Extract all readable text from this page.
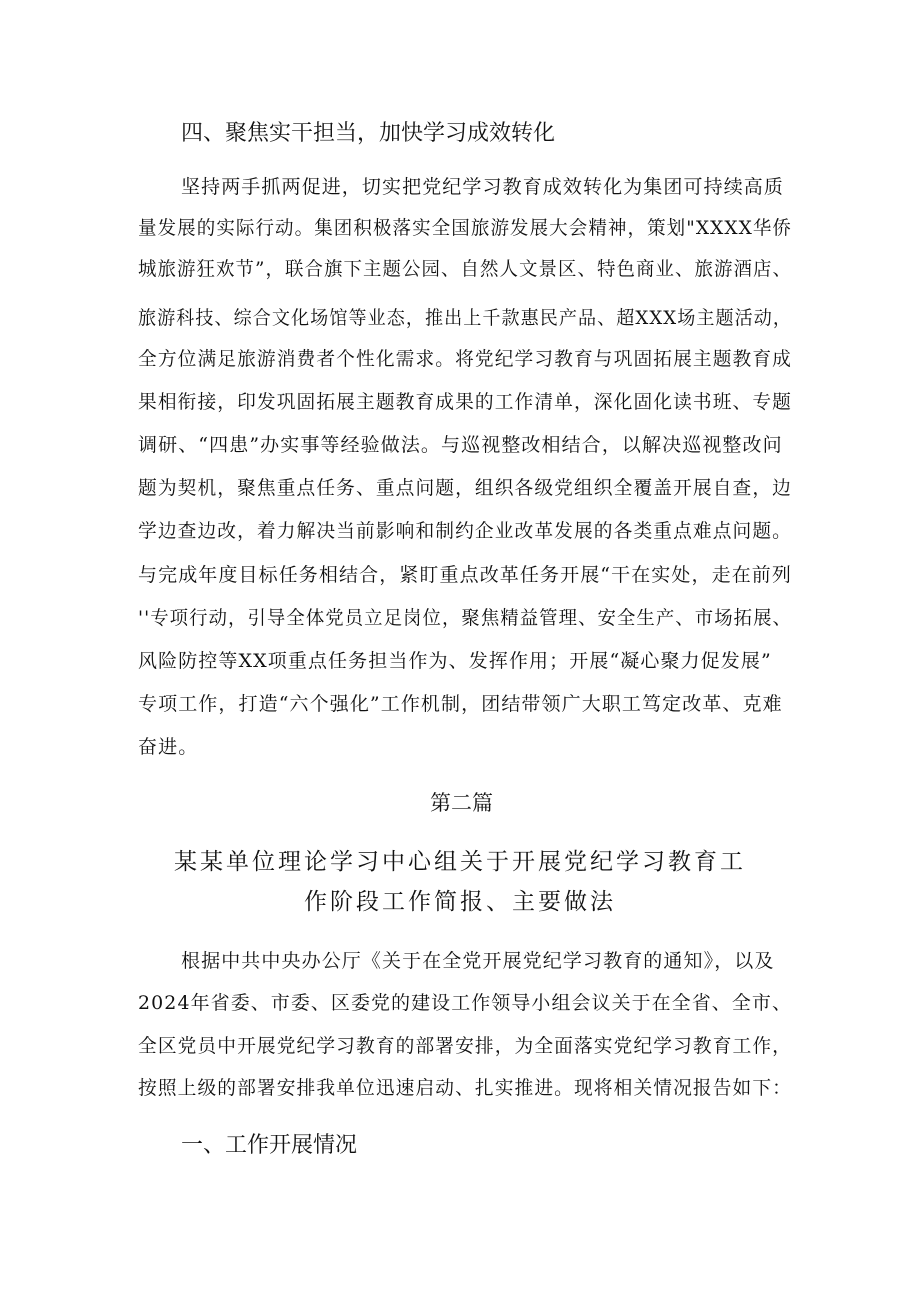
四、聚焦实干担当，加快学习成效转化
坚持两手抓两促进，切实把党纪学习教育成效转化为集团可持续高质
量发展的实际行动。集团积极落实全国旅游发展大会精神，策划"XXXX华侨
城旅游狂欢节”，联合旗下主题公园、自然人文景区、特色商业、旅游酒店、
旅游科技、综合文化场馆等业态，推出上千款惠民产品、超XXX场主题活动，
全方位满足旅游消费者个性化需求。将党纪学习教育与巩固拓展主题教育成
果相衔接，印发巩固拓展主题教育成果的工作清单，深化固化读书班、专题
调研、“四患”办实事等经验做法。与巡视整改相结合，以解决巡视整改问
题为契机，聚焦重点任务、重点问题，组织各级党组织全覆盖开展自查，边
学边查边改，着力解决当前影响和制约企业改革发展的各类重点难点问题。
与完成年度目标任务相结合，紧盯重点改革任务开展“干在实处，走在前列
''专项行动，引导全体党员立足岗位，聚焦精益管理、安全生产、市场拓展、
风险防控等XX项重点任务担当作为、发挥作用；开展“凝心聚力促发展”
专项工作，打造“六个强化”工作机制，团结带领广大职工笃定改革、克难
奋进。
第二篇
某某单位理论学习中心组关于开展党纪学习教育工
作阶段工作简报、主要做法
根据中共中央办公厅《关于在全党开展党纪学习教育的通知》，以及
2024年省委、市委、区委党的建设工作领导小组会议关于在全省、全市、
全区党员中开展党纪学习教育的部署安排，为全面落实党纪学习教育工作，
按照上级的部署安排我单位迅速启动、扎实推进。现将相关情况报告如下：
一、工作开展情况
